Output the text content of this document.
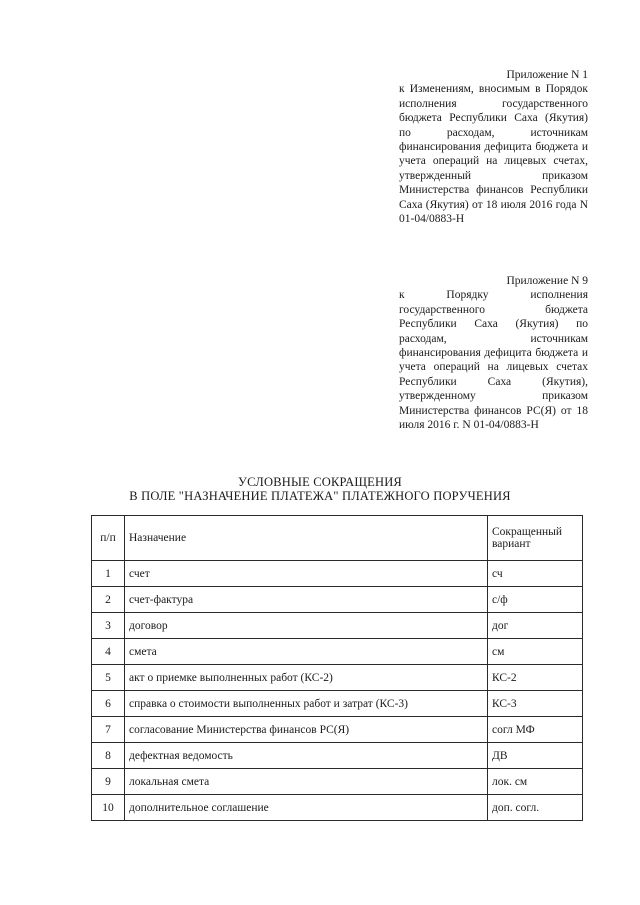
Приложение N 1
к Изменениям, вносимым в Порядок исполнения государственного бюджета Республики Саха (Якутия) по расходам, источникам финансирования дефицита бюджета и учета операций на лицевых счетах, утвержденный приказом Министерства финансов Республики Саха (Якутия) от 18 июля 2016 года N 01-04/0883-Н
Приложение N 9
к Порядку исполнения государственного бюджета Республики Саха (Якутия) по расходам, источникам финансирования дефицита бюджета и учета операций на лицевых счетах Республики Саха (Якутия), утвержденному приказом Министерства финансов РС(Я) от 18 июля 2016 г. N 01-04/0883-Н
УСЛОВНЫЕ СОКРАЩЕНИЯ
В ПОЛЕ "НАЗНАЧЕНИЕ ПЛАТЕЖА" ПЛАТЕЖНОГО ПОРУЧЕНИЯ
п/п	Назначение	Сокращенный вариант
1	счет	сч
2	счет-фактура	с/ф
3	договор	дог
4	смета	см
5	акт о приемке выполненных работ (КС-2)	КС-2
6	справка о стоимости выполненных работ и затрат (КС-3)	КС-3
7	согласование Министерства финансов РС(Я)	согл МФ
8	дефектная ведомость	ДВ
9	локальная смета	лок. см
10	дополнительное соглашение	доп. согл.
